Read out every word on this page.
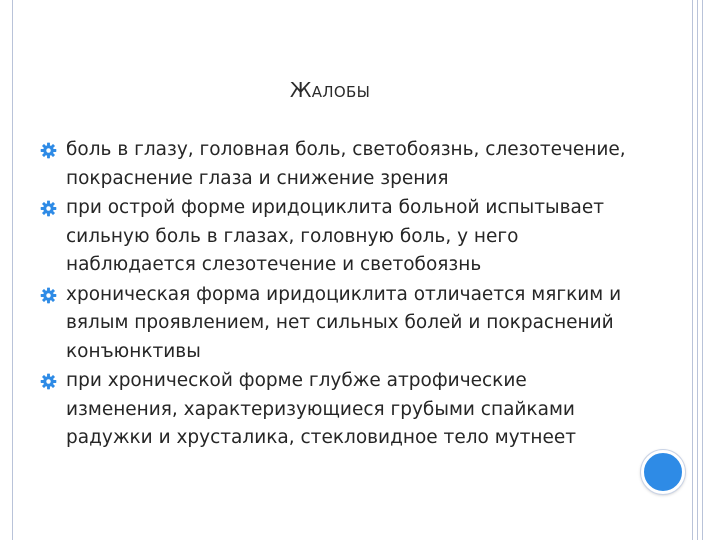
ЖАЛОБЫ
боль в глазу, головная боль, светобоязнь, слезотечение, покраснение глаза и снижение зрения
при острой форме иридоциклита больной испытывает сильную боль в глазах, головную боль, у него наблюдается слезотечение и светобоязнь
хроническая форма иридоциклита отличается мягким и вялым проявлением, нет сильных болей и покраснений конъюнктивы
при хронической форме глубже атрофические изменения, характеризующиеся грубыми спайками радужки и хрусталика, стекловидное тело мутнеет
